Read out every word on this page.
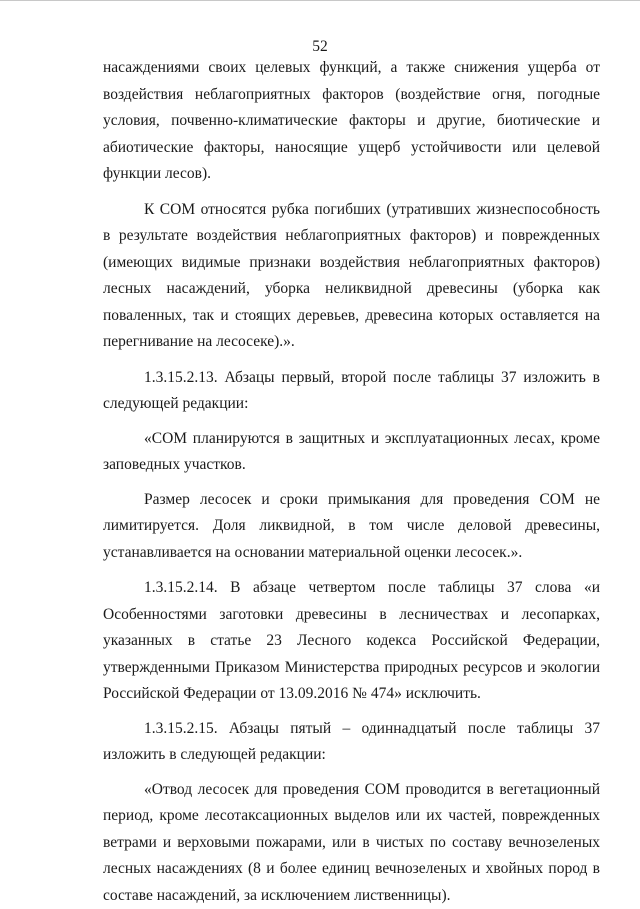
52

насаждениями своих целевых функций, а также снижения ущерба от воздействия неблагоприятных факторов (воздействие огня, погодные условия, почвенно-климатические факторы и другие, биотические и абиотические факторы, наносящие ущерб устойчивости или целевой функции лесов).

К СОМ относятся рубка погибших (утративших жизнеспособность в результате воздействия неблагоприятных факторов) и поврежденных (имеющих видимые признаки воздействия неблагоприятных факторов) лесных насаждений, уборка неликвидной древесины (уборка как поваленных, так и стоящих деревьев, древесина которых оставляется на перегнивание на лесосеке).».

1.3.15.2.13. Абзацы первый, второй после таблицы 37 изложить в следующей редакции:

«СОМ планируются в защитных и эксплуатационных лесах, кроме заповедных участков.

Размер лесосек и сроки примыкания для проведения СОМ не лимитируется. Доля ликвидной, в том числе деловой древесины, устанавливается на основании материальной оценки лесосек.».

1.3.15.2.14. В абзаце четвертом после таблицы 37 слова «и Особенностями заготовки древесины в лесничествах и лесопарках, указанных в статье 23 Лесного кодекса Российской Федерации, утвержденными Приказом Министерства природных ресурсов и экологии Российской Федерации от 13.09.2016 № 474» исключить.

1.3.15.2.15. Абзацы пятый – одиннадцатый после таблицы 37 изложить в следующей редакции:

«Отвод лесосек для проведения СОМ проводится в вегетационный период, кроме лесотаксационных выделов или их частей, поврежденных ветрами и верховыми пожарами, или в чистых по составу вечнозеленых лесных насаждениях (8 и более единиц вечнозеленых и хвойных пород в составе насаждений, за исключением лиственницы).
